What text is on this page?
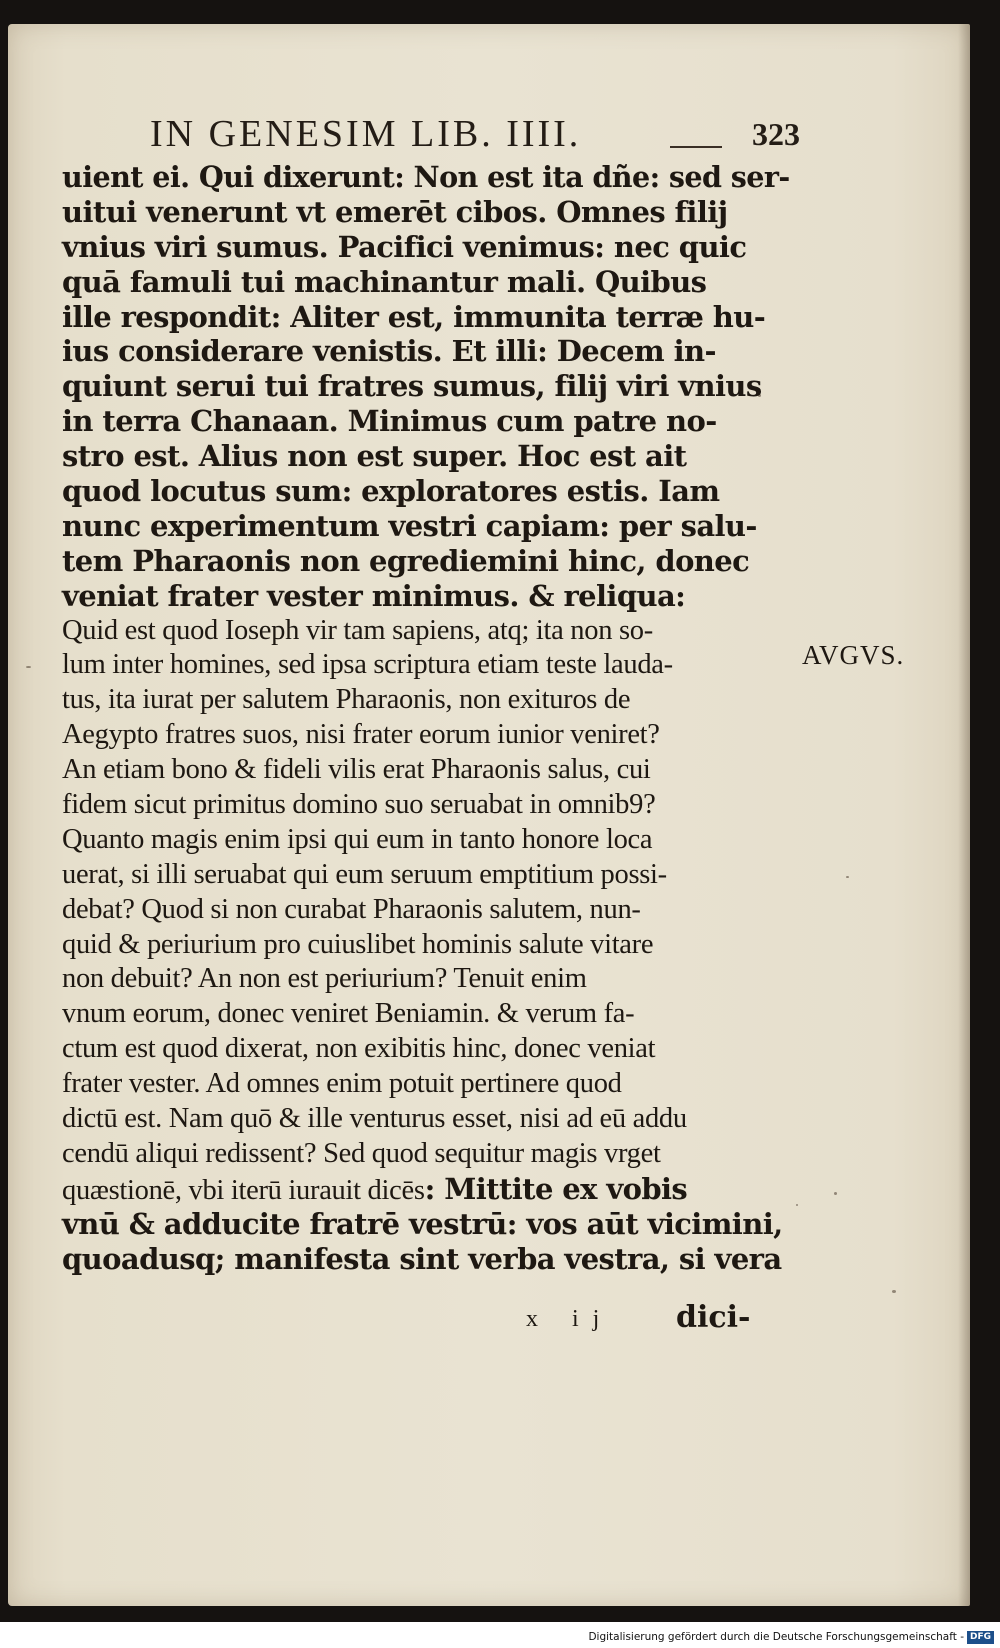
IN GENESIM LIB. IIII.	323
uient ei. Qui dixerunt: Non est ita dñe: sed ser-
uitui venerunt vt emerēt cibos. Omnes filij
vnius viri sumus. Pacifici venimus: nec quic
quā famuli tui machinantur mali. Quibus
ille respondit: Aliter est, immunita terræ hu-
ius considerare venistis. Et illi: Decem in-
quiunt serui tui fratres sumus, filij viri vnius
in terra Chanaan. Minimus cum patre no-
stro est. Alius non est super. Hoc est ait
quod locutus sum: exploratores estis. Iam
nunc experimentum vestri capiam: per salu-
tem Pharaonis non egrediemini hinc, donec
veniat frater vester minimus. & reliqua:
Quid est quod Ioseph vir tam sapiens, atq; ita non so-
lum inter homines, sed ipsa scriptura etiam teste lauda-
tus, ita iurat per salutem Pharaonis, non exituros de
Aegypto fratres suos, nisi frater eorum iunior veniret?
An etiam bono & fideli vilis erat Pharaonis salus, cui
fidem sicut primitus domino suo seruabat in omnib9?
Quanto magis enim ipsi qui eum in tanto honore loca
uerat, si illi seruabat qui eum seruum emptitium possi-
debat? Quod si non curabat Pharaonis salutem, nun-
quid & periurium pro cuiuslibet hominis salute vitare
non debuit? An non est periurium? Tenuit enim
vnum eorum, donec veniret Beniamin. & verum fa-
ctum est quod dixerat, non exibitis hinc, donec veniat
frater vester. Ad omnes enim potuit pertinere quod
dictū est. Nam quō & ille venturus esset, nisi ad eū addu
cendū aliqui redissent? Sed quod sequitur magis vrget
quæstionē, vbi iterū iurauit dicēs: Mittite ex vobis
vnū & adducite fratrē vestrū: vos aūt vicimini,
quoadusq; manifesta sint verba vestra, si vera
AVGVS.
x ij dici-
Digitalisierung gefördert durch die Deutsche Forschungsgemeinschaft - DFG
